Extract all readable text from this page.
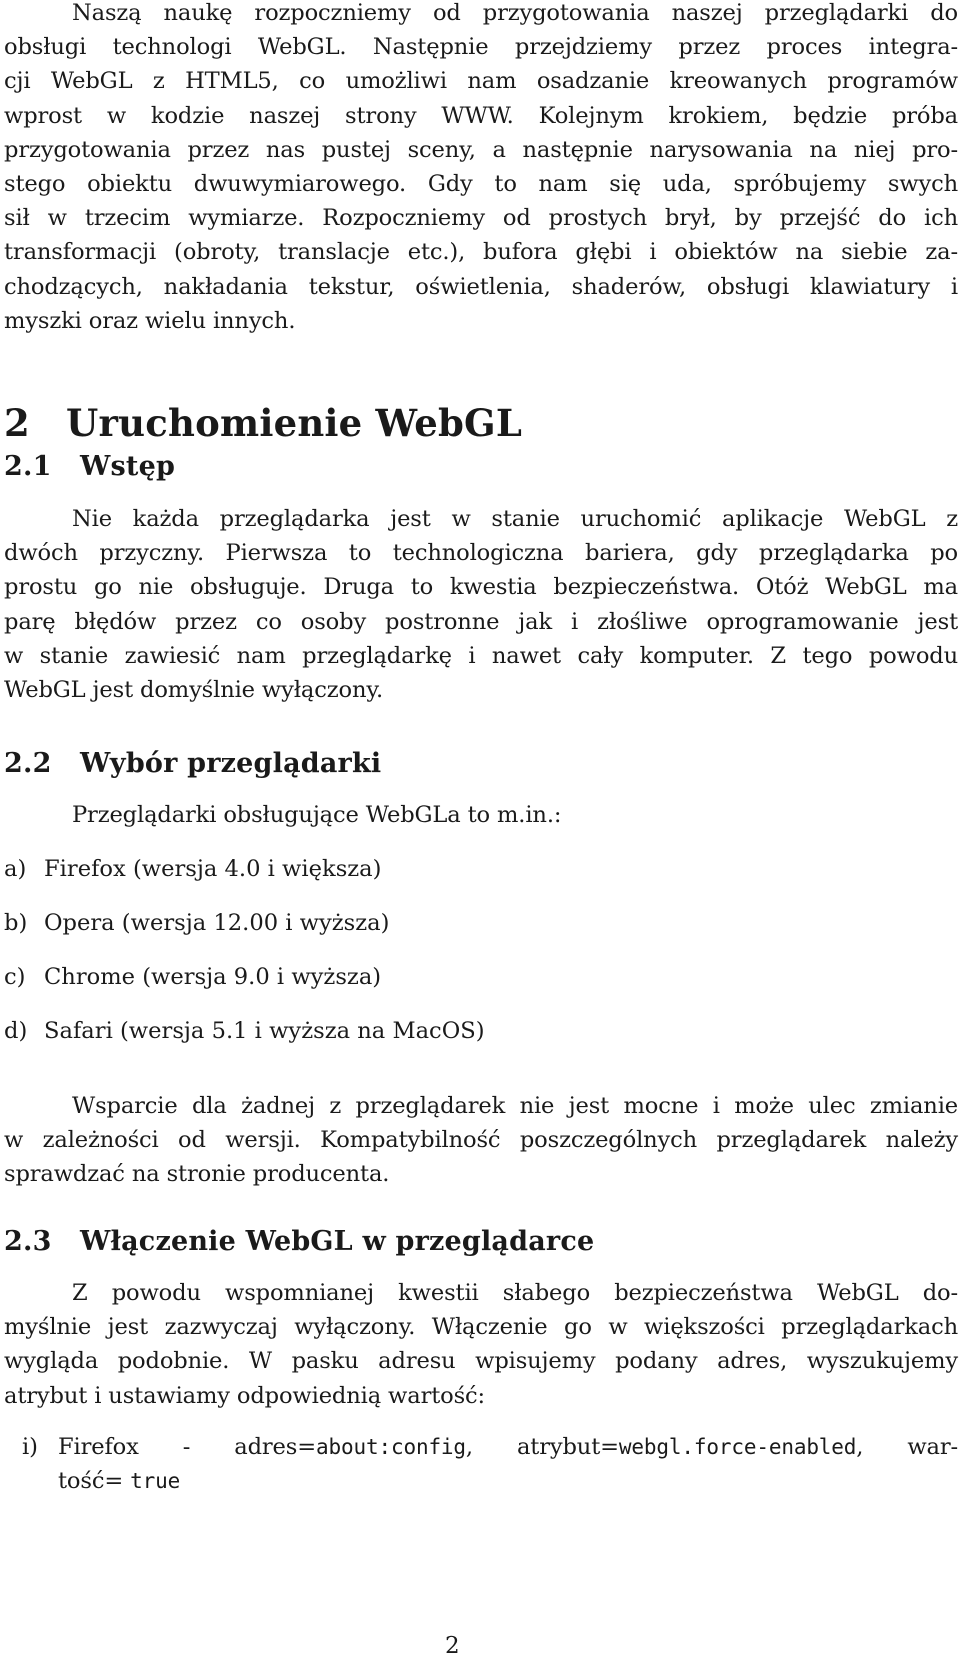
Naszą naukę rozpoczniemy od przygotowania naszej przeglądarki do
obsługi technologi WebGL. Następnie przejdziemy przez proces integra-
cji WebGL z HTML5, co umożliwi nam osadzanie kreowanych programów
wprost w kodzie naszej strony WWW. Kolejnym krokiem, będzie próba
przygotowania przez nas pustej sceny, a następnie narysowania na niej pro-
stego obiektu dwuwymiarowego. Gdy to nam się uda, spróbujemy swych
sił w trzecim wymiarze. Rozpoczniemy od prostych brył, by przejść do ich
transformacji (obroty, translacje etc.), bufora głębi i obiektów na siebie za-
chodzących, nakładania tekstur, oświetlenia, shaderów, obsługi klawiatury i
myszki oraz wielu innych.
2 Uruchomienie WebGL
2.1 Wstęp
Nie każda przeglądarka jest w stanie uruchomić aplikacje WebGL z
dwóch przyczny. Pierwsza to technologiczna bariera, gdy przeglądarka po
prostu go nie obsługuje. Druga to kwestia bezpieczeństwa. Otóż WebGL ma
parę błędów przez co osoby postronne jak i złośliwe oprogramowanie jest
w stanie zawiesić nam przeglądarkę i nawet cały komputer. Z tego powodu
WebGL jest domyślnie wyłączony.
2.2 Wybór przeglądarki
Przeglądarki obsługujące WebGLa to m.in.:
a) Firefox (wersja 4.0 i większa)
b) Opera (wersja 12.00 i wyższa)
c) Chrome (wersja 9.0 i wyższa)
d) Safari (wersja 5.1 i wyższa na MacOS)
Wsparcie dla żadnej z przeglądarek nie jest mocne i może ulec zmianie
w zależności od wersji. Kompatybilność poszczególnych przeglądarek należy
sprawdzać na stronie producenta.
2.3 Włączenie WebGL w przeglądarce
Z powodu wspomnianej kwestii słabego bezpieczeństwa WebGL do-
myślnie jest zazwyczaj wyłączony. Włączenie go w większości przeglądarkach
wygląda podobnie. W pasku adresu wpisujemy podany adres, wyszukujemy
atrybut i ustawiamy odpowiednią wartość:
i) Firefox - adres=about:config, atrybut=webgl.force-enabled, war-
tość= true
2
